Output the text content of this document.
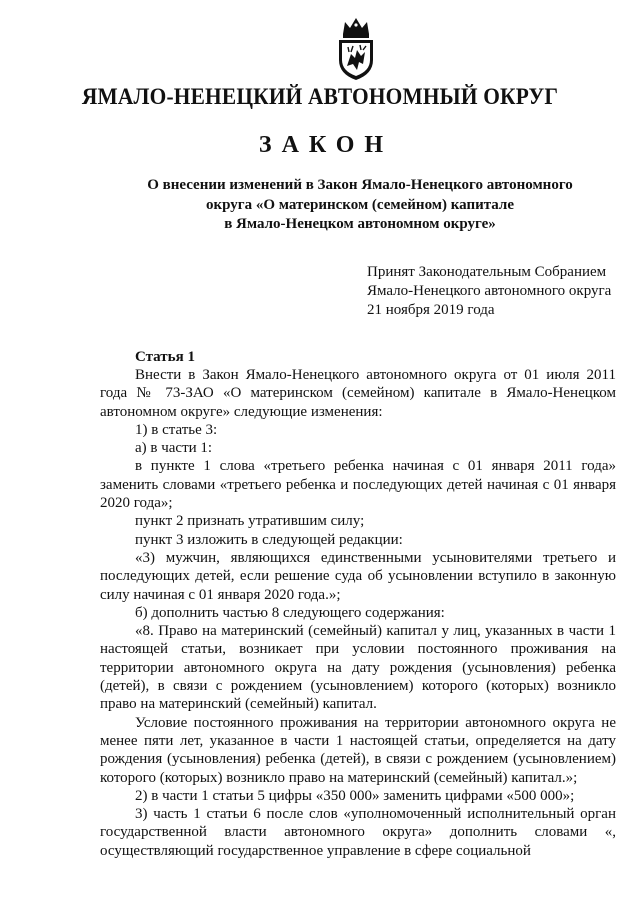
ЯМАЛО-НЕНЕЦКИЙ АВТОНОМНЫЙ ОКРУГ
ЗАКОН
О внесении изменений в Закон Ямало-Ненецкого автономного
округа «О материнском (семейном) капитале
в Ямало-Ненецком автономном округе»
Принят Законодательным Собранием
Ямало-Ненецкого автономного округа
21 ноября 2019 года
Статья 1

Внести в Закон Ямало-Ненецкого автономного округа от 01 июля 2011 года № 73-ЗАО «О материнском (семейном) капитале в Ямало-Ненецком автономном округе» следующие изменения:

1) в статье 3:

а) в части 1:

в пункте 1 слова «третьего ребенка начиная с 01 января 2011 года» заменить словами «третьего ребенка и последующих детей начиная с 01 января 2020 года»;

пункт 2 признать утратившим силу;

пункт 3 изложить в следующей редакции:

«3) мужчин, являющихся единственными усыновителями третьего и последующих детей, если решение суда об усыновлении вступило в законную силу начиная с 01 января 2020 года.»;

б) дополнить частью 8 следующего содержания:

«8. Право на материнский (семейный) капитал у лиц, указанных в части 1 настоящей статьи, возникает при условии постоянного проживания на территории автономного округа на дату рождения (усыновления) ребенка (детей), в связи с рождением (усыновлением) которого (которых) возникло право на материнский (семейный) капитал.

Условие постоянного проживания на территории автономного округа не менее пяти лет, указанное в части 1 настоящей статьи, определяется на дату рождения (усыновления) ребенка (детей), в связи с рождением (усыновлением) которого (которых) возникло право на материнский (семейный) капитал.»;

2) в части 1 статьи 5 цифры «350 000» заменить цифрами «500 000»;

3) часть 1 статьи 6 после слов «уполномоченный исполнительный орган государственной власти автономного округа» дополнить словами «, осуществляющий государственное управление в сфере социальной
